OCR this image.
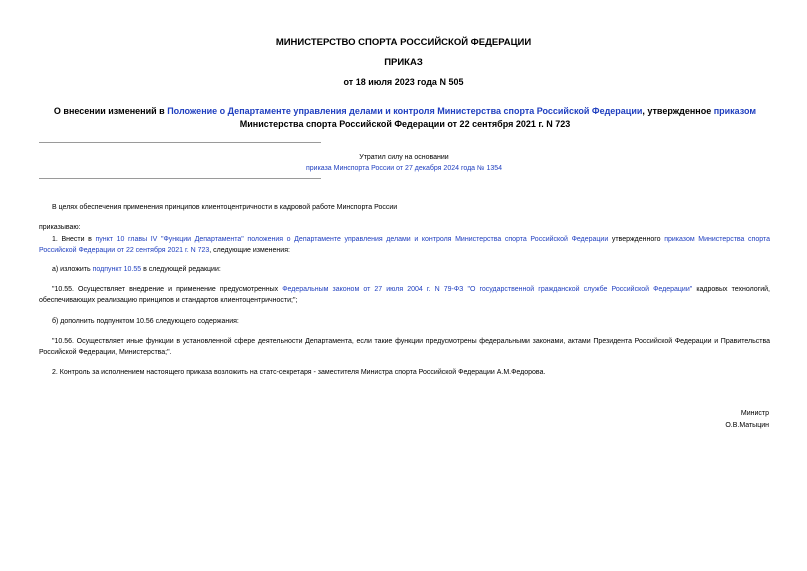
МИНИСТЕРСТВО СПОРТА РОССИЙСКОЙ ФЕДЕРАЦИИ
ПРИКАЗ
от 18 июля 2023 года N 505
О внесении изменений в Положение о Департаменте управления делами и контроля Министерства спорта Российской Федерации, утвержденное приказом Министерства спорта Российской Федерации от 22 сентября 2021 г. N 723
Утратил силу на основании
приказа Минспорта России от 27 декабря 2024 года № 1354
В целях обеспечения применения принципов клиентоцентричности в кадровой работе Минспорта России
приказываю:
1. Внести в пункт 10 главы IV "Функции Департамента" положения о Департаменте управления делами и контроля Министерства спорта Российской Федерации утвержденного приказом Министерства спорта Российской Федерации от 22 сентября 2021 г. N 723, следующие изменения:
а) изложить подпункт 10.55 в следующей редакции:
"10.55. Осуществляет внедрение и применение предусмотренных Федеральным законом от 27 июля 2004 г. N 79-ФЗ "О государственной гражданской службе Российской Федерации" кадровых технологий, обеспечивающих реализацию принципов и стандартов клиентоцентричности;";
б) дополнить подпунктом 10.56 следующего содержания:
"10.56. Осуществляет иные функции в установленной сфере деятельности Департамента, если такие функции предусмотрены федеральными законами, актами Президента Российской Федерации и Правительства Российской Федерации, Министерства;".
2. Контроль за исполнением настоящего приказа возложить на статс-секретаря - заместителя Министра спорта Российской Федерации А.М.Федорова.
Министр
О.В.Матыцин
